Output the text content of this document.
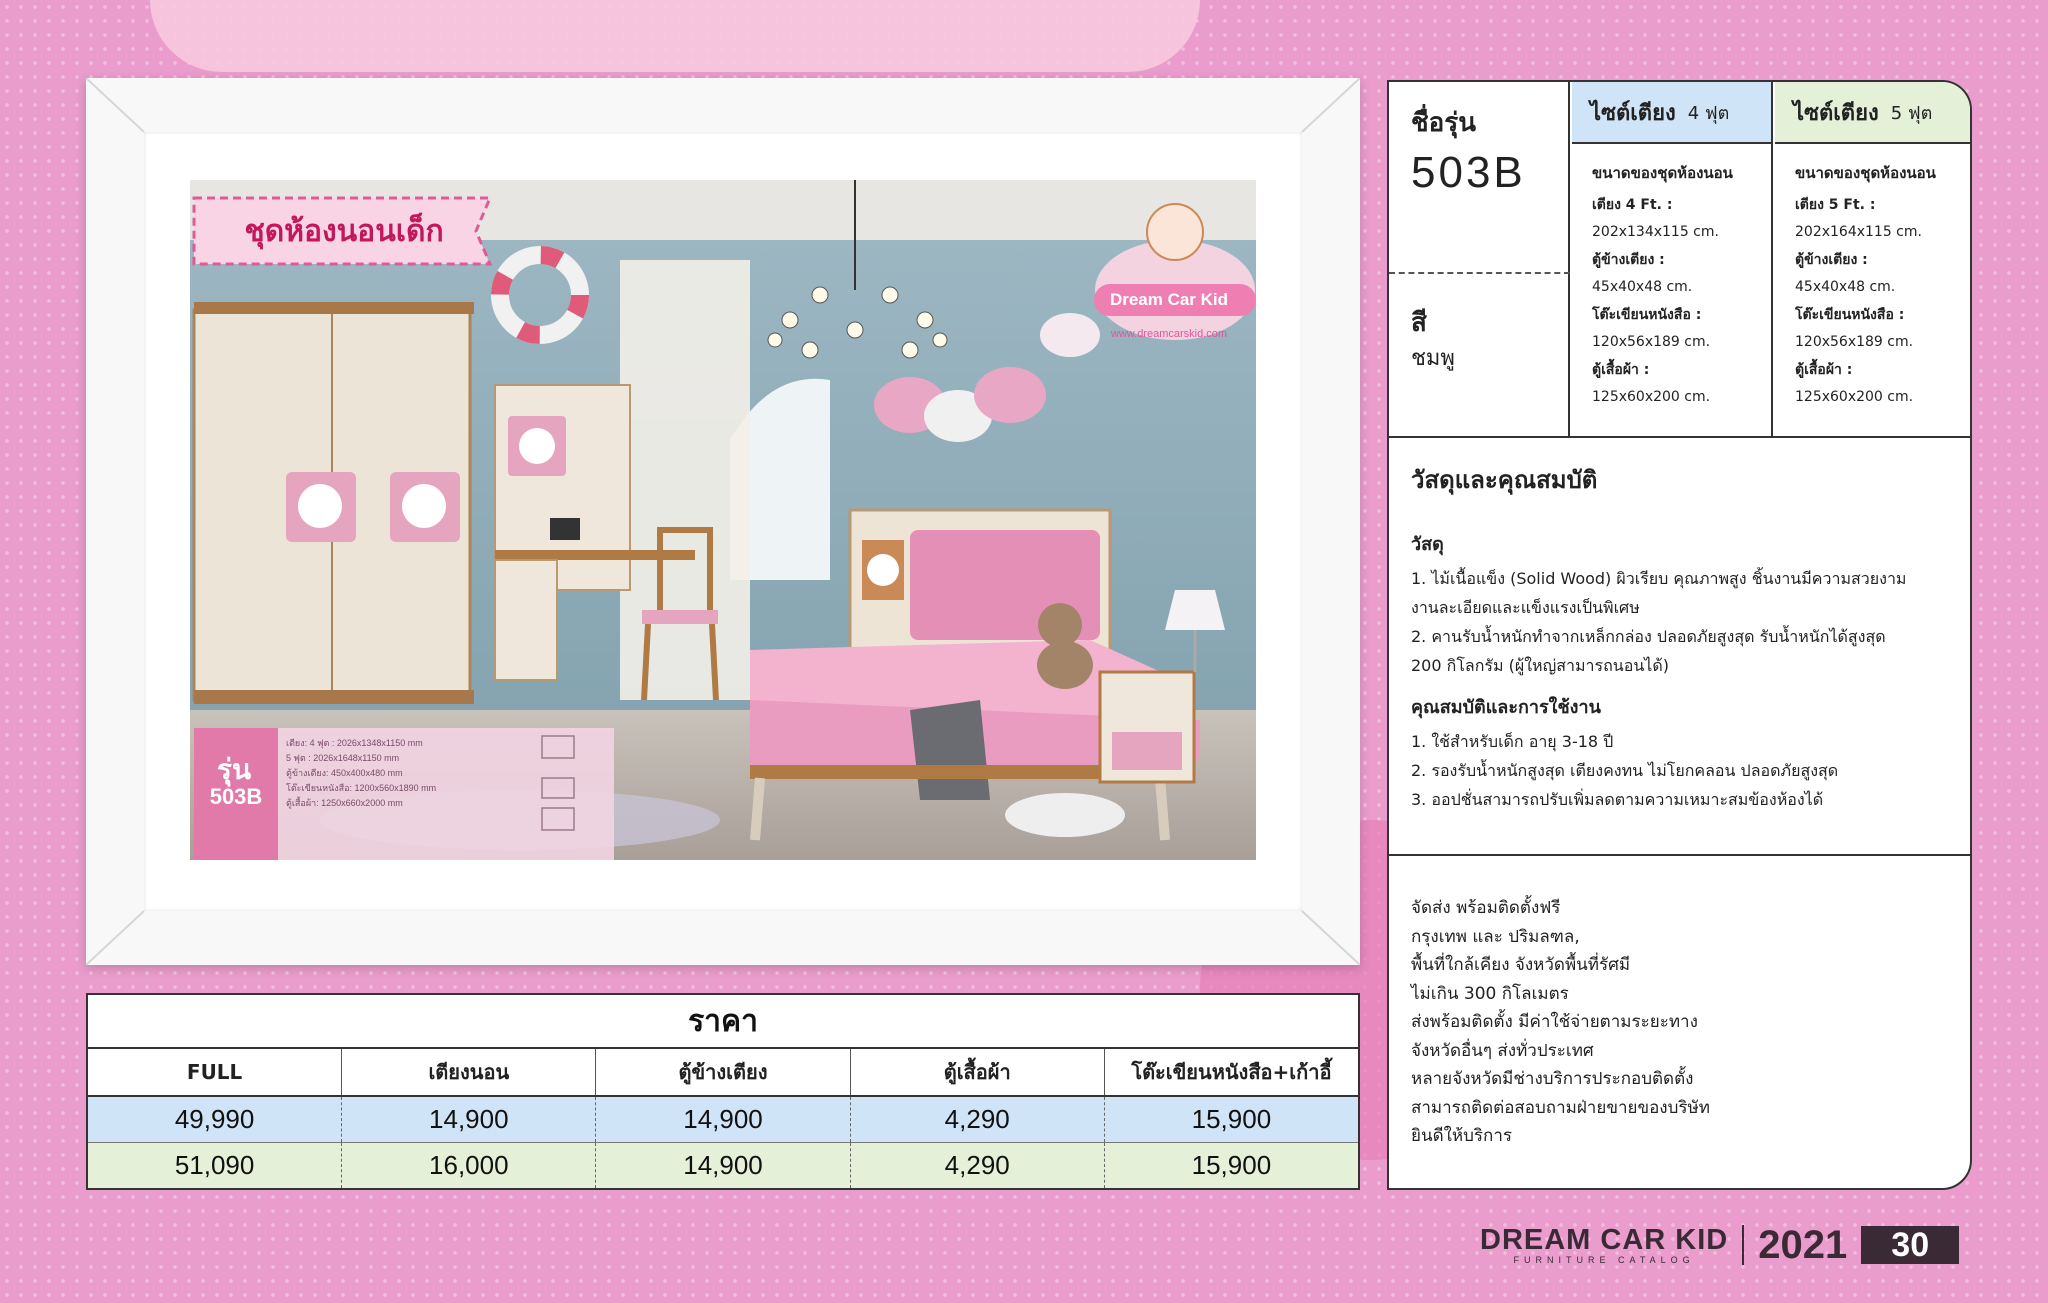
ชุดห้องนอนเด็ก
Dream Car Kid
www.dreamcarskid.com
รุ่น
503B
เตียง: 4 ฟุต : 2026x1348x1150 mm
5 ฟุต : 2026x1648x1150 mm
ตู้ข้างเตียง: 450x400x480 mm
โต๊ะเขียนหนังสือ: 1200x560x1890 mm
ตู้เสื้อผ้า: 1250x660x2000 mm
ราคา
FULL	เตียงนอน	ตู้ข้างเตียง	ตู้เสื้อผ้า	โต๊ะเขียนหนังสือ+เก้าอี้
49,990	14,900	14,900	4,290	15,900
51,090	16,000	14,900	4,290	15,900
ชื่อรุ่น
503B
สี
ชมพู
ไซต์เตียง 4 ฟุต
ขนาดของชุดห้องนอน
เตียง 4 Ft. :
202x134x115 cm.
ตู้ข้างเตียง :
45x40x48 cm.
โต๊ะเขียนหนังสือ :
120x56x189 cm.
ตู้เสื้อผ้า :
125x60x200 cm.
ไซต์เตียง 5 ฟุต
ขนาดของชุดห้องนอน
เตียง 5 Ft. :
202x164x115 cm.
ตู้ข้างเตียง :
45x40x48 cm.
โต๊ะเขียนหนังสือ :
120x56x189 cm.
ตู้เสื้อผ้า :
125x60x200 cm.
วัสดุและคุณสมบัติ
วัสดุ
1. ไม้เนื้อแข็ง (Solid Wood) ผิวเรียบ คุณภาพสูง ชิ้นงานมีความสวยงาม
งานละเอียดและแข็งแรงเป็นพิเศษ
2. คานรับน้ำหนักทำจากเหล็กกล่อง ปลอดภัยสูงสุด รับน้ำหนักได้สูงสุด
200 กิโลกรัม (ผู้ใหญ่สามารถนอนได้)
คุณสมบัติและการใช้งาน
1. ใช้สำหรับเด็ก อายุ 3-18 ปี
2. รองรับน้ำหนักสูงสุด เตียงคงทน ไม่โยกคลอน ปลอดภัยสูงสุด
3. ออปชั่นสามารถปรับเพิ่มลดตามความเหมาะสมข้องห้องได้
จัดส่ง พร้อมติดตั้งฟรี
กรุงเทพ และ ปริมลฑล,
พื้นที่ใกล้เคียง จังหวัดพื้นที่รัศมี
ไม่เกิน 300 กิโลเมตร
ส่งพร้อมติดตั้ง มีค่าใช้จ่ายตามระยะทาง
จังหวัดอื่นๆ ส่งทั่วประเทศ
หลายจังหวัดมีช่างบริการประกอบติดตั้ง
สามารถติดต่อสอบถามฝ่ายขายของบริษัท
ยินดีให้บริการ
DREAM CAR KID
FURNITURE CATALOG 2021	30
